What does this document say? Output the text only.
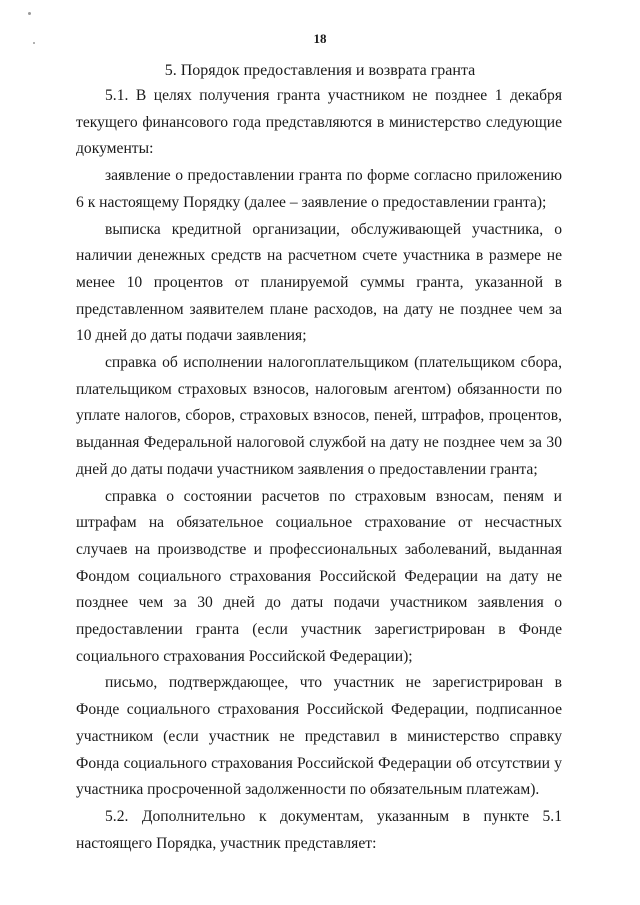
18
5. Порядок предоставления и возврата гранта

5.1. В целях получения гранта участником не позднее 1 декабря текущего финансового года представляются в министерство следующие документы:

заявление о предоставлении гранта по форме согласно приложению 6 к настоящему Порядку (далее – заявление о предоставлении гранта);

выписка кредитной организации, обслуживающей участника, о наличии денежных средств на расчетном счете участника в размере не менее 10 процентов от планируемой суммы гранта, указанной в представленном заявителем плане расходов, на дату не позднее чем за 10 дней до даты подачи заявления;

справка об исполнении налогоплательщиком (плательщиком сбора, плательщиком страховых взносов, налоговым агентом) обязанности по уплате налогов, сборов, страховых взносов, пеней, штрафов, процентов, выданная Федеральной налоговой службой на дату не позднее чем за 30 дней до даты подачи участником заявления о предоставлении гранта;

справка о состоянии расчетов по страховым взносам, пеням и штрафам на обязательное социальное страхование от несчастных случаев на производстве и профессиональных заболеваний, выданная Фондом социального страхования Российской Федерации на дату не позднее чем за 30 дней до даты подачи участником заявления о предоставлении гранта (если участник зарегистрирован в Фонде социального страхования Российской Федерации);

письмо, подтверждающее, что участник не зарегистрирован в Фонде социального страхования Российской Федерации, подписанное участником (если участник не представил в министерство справку Фонда социального страхования Российской Федерации об отсутствии у участника просроченной задолженности по обязательным платежам).

5.2. Дополнительно к документам, указанным в пункте 5.1 настоящего Порядка, участник представляет:
